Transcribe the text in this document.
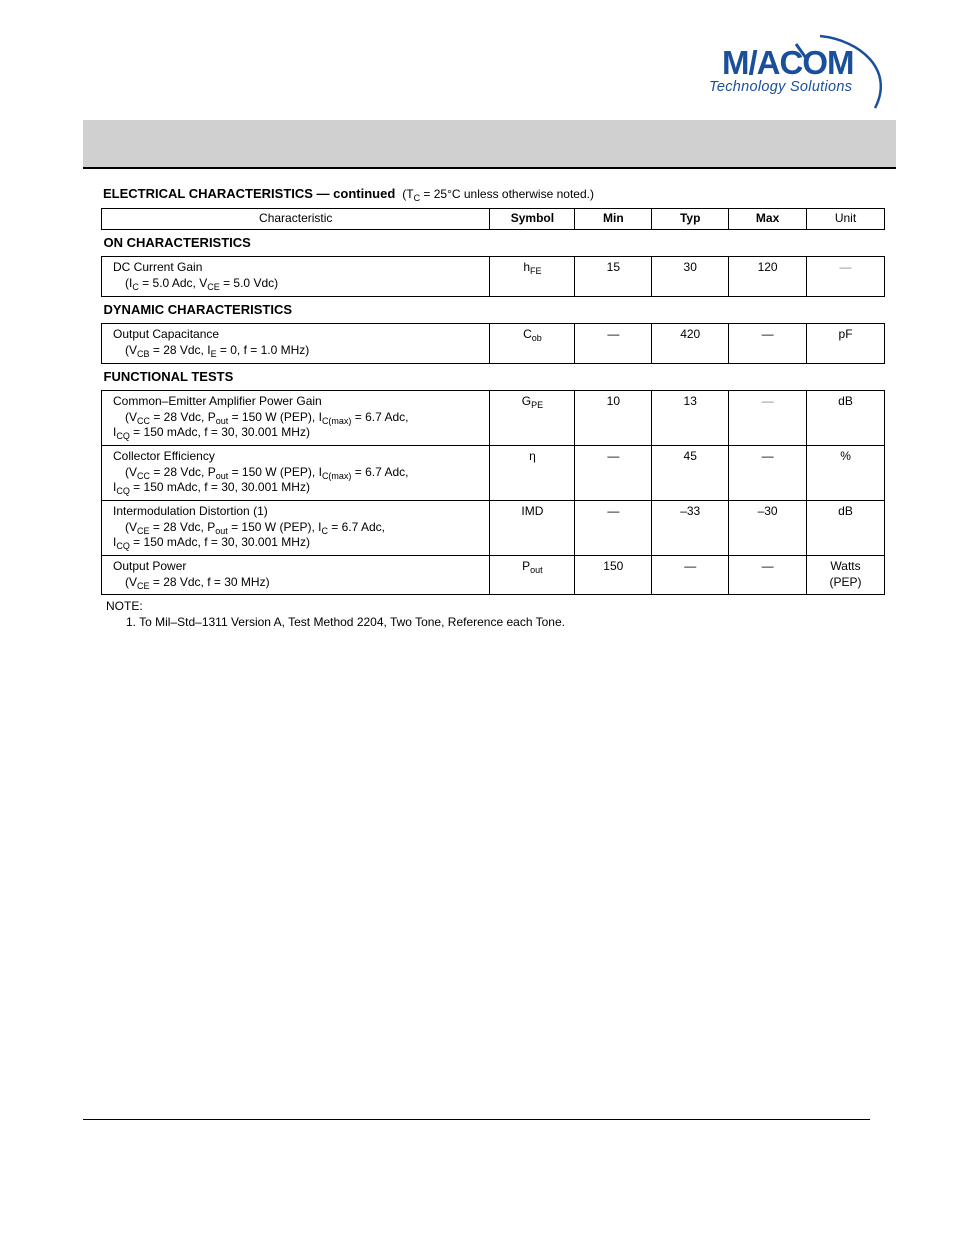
M/ACOM
Technology Solutions
ELECTRICAL CHARACTERISTICS — continued ($T_C = 25^\circ C$ unless otherwise noted.)
Characteristic	Symbol	Min	Typ	Max	Unit
ON CHARACTERISTICS					
DC Current Gain
($I_C = 5.0$ Adc, $V_{CE} = 5.0$ Vdc)	$h_{FE}$	15	30	120	—
DYNAMIC CHARACTERISTICS					
Output Capacitance
($V_{CB} = 28$ Vdc, $I_E = 0$, f = 1.0 MHz)	$C_{ob}$	—	420	—	pF
FUNCTIONAL TESTS					
Common–Emitter Amplifier Power Gain
($V_{CC} = 28$ Vdc, $P_{out} = 150$ W (PEP), $I_{C(max)} = 6.7$ Adc,
$I_{CQ} = 150$ mAdc, f = 30, 30.001 MHz)	$G_{PE}$	10	13	—	dB
Collector Efficiency
($V_{CC} = 28$ Vdc, $P_{out} = 150$ W (PEP), $I_{C(max)} = 6.7$ Adc,
$I_{CQ} = 150$ mAdc, f = 30, 30.001 MHz)	η	—	45	—	%
Intermodulation Distortion (1)
($V_{CE} = 28$ Vdc, $P_{out} = 150$ W (PEP), $I_C = 6.7$ Adc,
$I_{CQ} = 150$ mAdc, f = 30, 30.001 MHz)	IMD	—	–33	–30	dB
Output Power
($V_{CE} = 28$ Vdc, f = 30 MHz)	$P_{out}$	150	—	—	Watts
(PEP)
NOTE:
1. To Mil–Std–1311 Version A, Test Method 2204, Two Tone, Reference each Tone.
